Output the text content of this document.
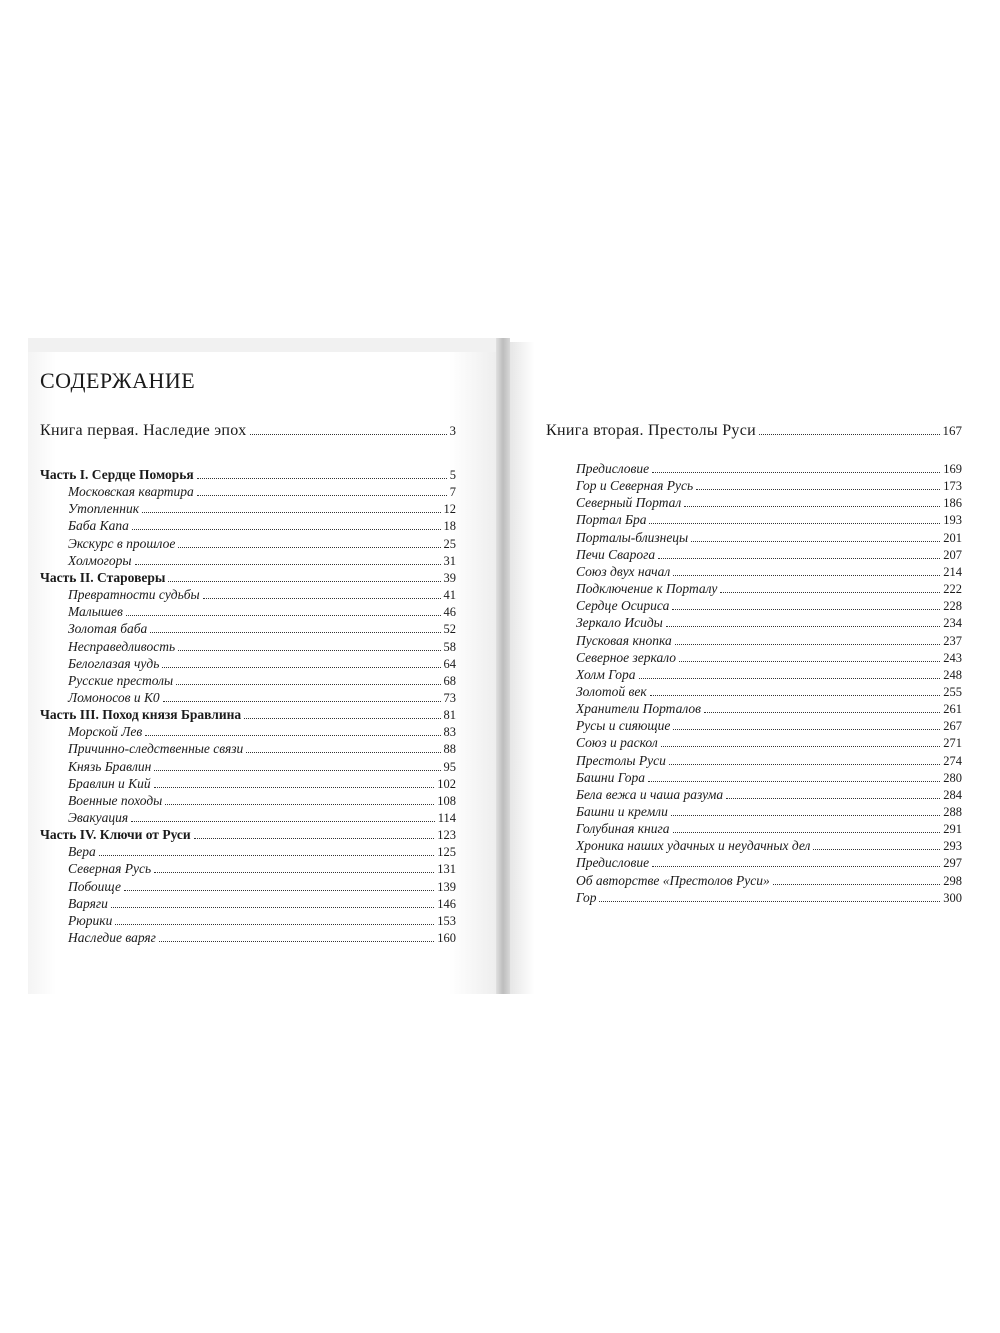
СОДЕРЖАНИЕ
Книга первая. Наследие эпох	3
Часть I. Сердце Поморья	5
Московская квартира	7
Утопленник	12
Баба Капа	18
Экскурс в прошлое	25
Холмогоры	31
Часть II. Староверы	39
Превратности судьбы	41
Малышев	46
Золотая баба	52
Несправедливость	58
Белоглазая чудь	64
Русские престолы	68
Ломоносов и К0	73
Часть III. Поход князя Бравлина	81
Морской Лев	83
Причинно-следственные связи	88
Князь Бравлин	95
Бравлин и Кий	102
Военные походы	108
Эвакуация	114
Часть IV. Ключи от Руси	123
Вера	125
Северная Русь	131
Побоище	139
Варяги	146
Рюрики	153
Наследие варяг	160
Книга вторая. Престолы Руси	167
Предисловие	169
Гор и Северная Русь	173
Северный Портал	186
Портал Бра	193
Порталы-близнецы	201
Печи Сварога	207
Союз двух начал	214
Подключение к Порталу	222
Сердце Осириса	228
Зеркало Исиды	234
Пусковая кнопка	237
Северное зеркало	243
Холм Гора	248
Золотой век	255
Хранители Порталов	261
Русы и сияющие	267
Союз и раскол	271
Престолы Руси	274
Башни Гора	280
Бела вежа и чаша разума	284
Башни и кремли	288
Голубиная книга	291
Хроника наших удачных и неудачных дел	293
Предисловие	297
Об авторстве «Престолов Руси»	298
Гор	300
